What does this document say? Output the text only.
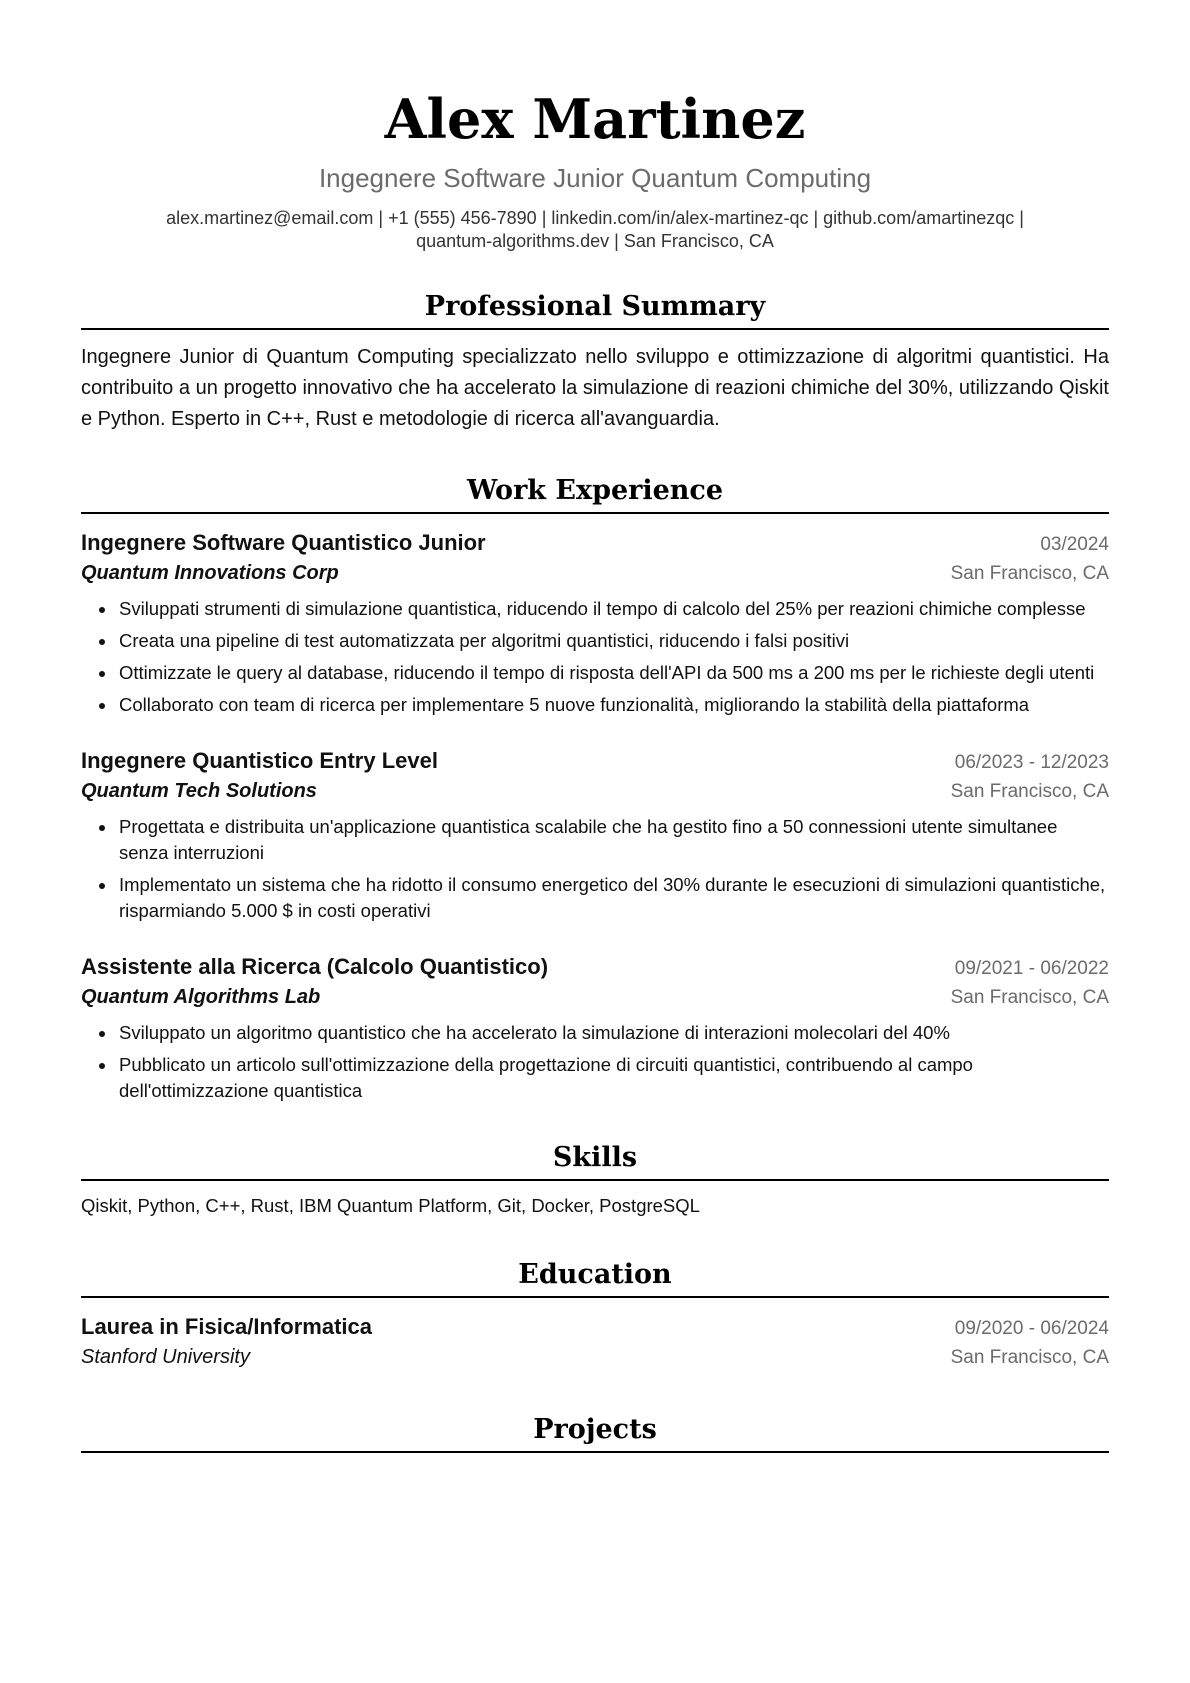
Alex Martinez
Ingegnere Software Junior Quantum Computing
alex.martinez@email.com | +1 (555) 456-7890 | linkedin.com/in/alex-martinez-qc | github.com/amartinezqc |
quantum-algorithms.dev | San Francisco, CA
Professional Summary
Ingegnere Junior di Quantum Computing specializzato nello sviluppo e ottimizzazione di algoritmi quantistici. Ha contribuito a un progetto innovativo che ha accelerato la simulazione di reazioni chimiche del 30%, utilizzando Qiskit e Python. Esperto in C++, Rust e metodologie di ricerca all'avanguardia.
Work Experience
Ingegnere Software Quantistico Junior	03/2024
Quantum Innovations Corp	San Francisco, CA
• Sviluppati strumenti di simulazione quantistica, riducendo il tempo di calcolo del 25% per reazioni chimiche complesse
• Creata una pipeline di test automatizzata per algoritmi quantistici, riducendo i falsi positivi
• Ottimizzate le query al database, riducendo il tempo di risposta dell'API da 500 ms a 200 ms per le richieste degli utenti
• Collaborato con team di ricerca per implementare 5 nuove funzionalità, migliorando la stabilità della piattaforma
Ingegnere Quantistico Entry Level	06/2023 - 12/2023
Quantum Tech Solutions	San Francisco, CA
• Progettata e distribuita un'applicazione quantistica scalabile che ha gestito fino a 50 connessioni utente simultanee senza interruzioni
• Implementato un sistema che ha ridotto il consumo energetico del 30% durante le esecuzioni di simulazioni quantistiche, risparmiando 5.000 $ in costi operativi
Assistente alla Ricerca (Calcolo Quantistico)	09/2021 - 06/2022
Quantum Algorithms Lab	San Francisco, CA
• Sviluppato un algoritmo quantistico che ha accelerato la simulazione di interazioni molecolari del 40%
• Pubblicato un articolo sull'ottimizzazione della progettazione di circuiti quantistici, contribuendo al campo dell'ottimizzazione quantistica
Skills
Qiskit, Python, C++, Rust, IBM Quantum Platform, Git, Docker, PostgreSQL
Education
Laurea in Fisica/Informatica	09/2020 - 06/2024
Stanford University	San Francisco, CA
Projects
